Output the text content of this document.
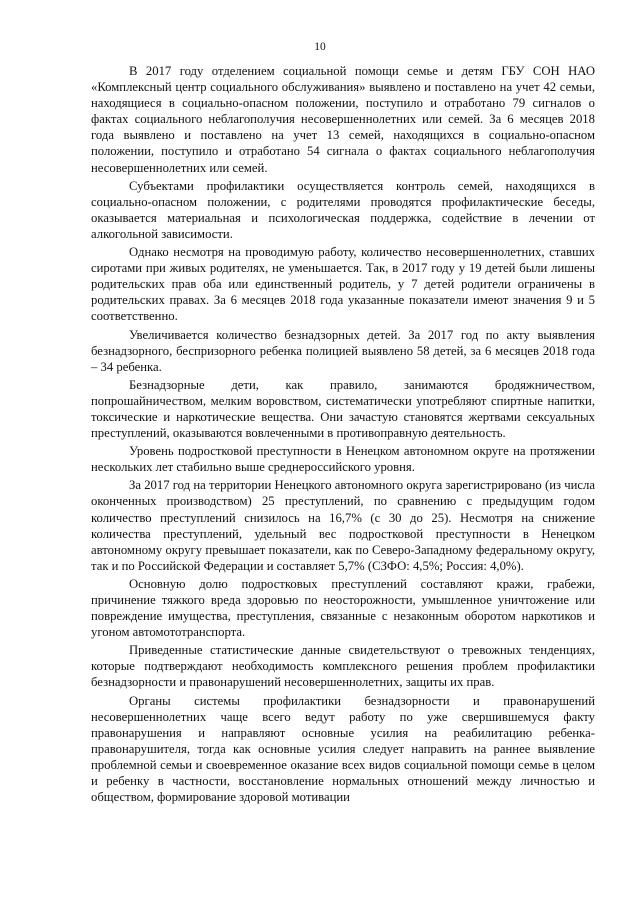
10

В 2017 году отделением социальной помощи семье и детям ГБУ СОН НАО «Комплексный центр социального обслуживания» выявлено и поставлено на учет 42 семьи, находящиеся в социально-опасном положении, поступило и отработано 79 сигналов о фактах социального неблагополучия несовершеннолетних или семей. За 6 месяцев 2018 года выявлено и поставлено на учет 13 семей, находящихся в социально-опасном положении, поступило и отработано 54 сигнала о фактах социального неблагополучия несовершеннолетних или семей.

Субъектами профилактики осуществляется контроль семей, находящихся в социально-опасном положении, с родителями проводятся профилактические беседы, оказывается материальная и психологическая поддержка, содействие в лечении от алкогольной зависимости.

Однако несмотря на проводимую работу, количество несовершеннолетних, ставших сиротами при живых родителях, не уменьшается. Так, в 2017 году у 19 детей были лишены родительских прав оба или единственный родитель, у 7 детей родители ограничены в родительских правах. За 6 месяцев 2018 года указанные показатели имеют значения 9 и 5 соответственно.

Увеличивается количество безнадзорных детей. За 2017 год по акту выявления безнадзорного, беспризорного ребенка полицией выявлено 58 детей, за 6 месяцев 2018 года – 34 ребенка.

Безнадзорные дети, как правило, занимаются бродяжничеством, попрошайничеством, мелким воровством, систематически употребляют спиртные напитки, токсические и наркотические вещества. Они зачастую становятся жертвами сексуальных преступлений, оказываются вовлеченными в противоправную деятельность.

Уровень подростковой преступности в Ненецком автономном округе на протяжении нескольких лет стабильно выше среднероссийского уровня.

За 2017 год на территории Ненецкого автономного округа зарегистрировано (из числа оконченных производством) 25 преступлений, по сравнению с предыдущим годом количество преступлений снизилось на 16,7% (с 30 до 25). Несмотря на снижение количества преступлений, удельный вес подростковой преступности в Ненецком автономному округу превышает показатели, как по Северо-Западному федеральному округу, так и по Российской Федерации и составляет 5,7% (СЗФО: 4,5%; Россия: 4,0%).

Основную долю подростковых преступлений составляют кражи, грабежи, причинение тяжкого вреда здоровью по неосторожности, умышленное уничтожение или повреждение имущества, преступления, связанные с незаконным оборотом наркотиков и угоном автомототранспорта.

Приведенные статистические данные свидетельствуют о тревожных тенденциях, которые подтверждают необходимость комплексного решения проблем профилактики безнадзорности и правонарушений несовершеннолетних, защиты их прав.

Органы системы профилактики безнадзорности и правонарушений несовершеннолетних чаще всего ведут работу по уже свершившемуся факту правонарушения и направляют основные усилия на реабилитацию ребенка-правонарушителя, тогда как основные усилия следует направить на раннее выявление проблемной семьи и своевременное оказание всех видов социальной помощи семье в целом и ребенку в частности, восстановление нормальных отношений между личностью и обществом, формирование здоровой мотивации
